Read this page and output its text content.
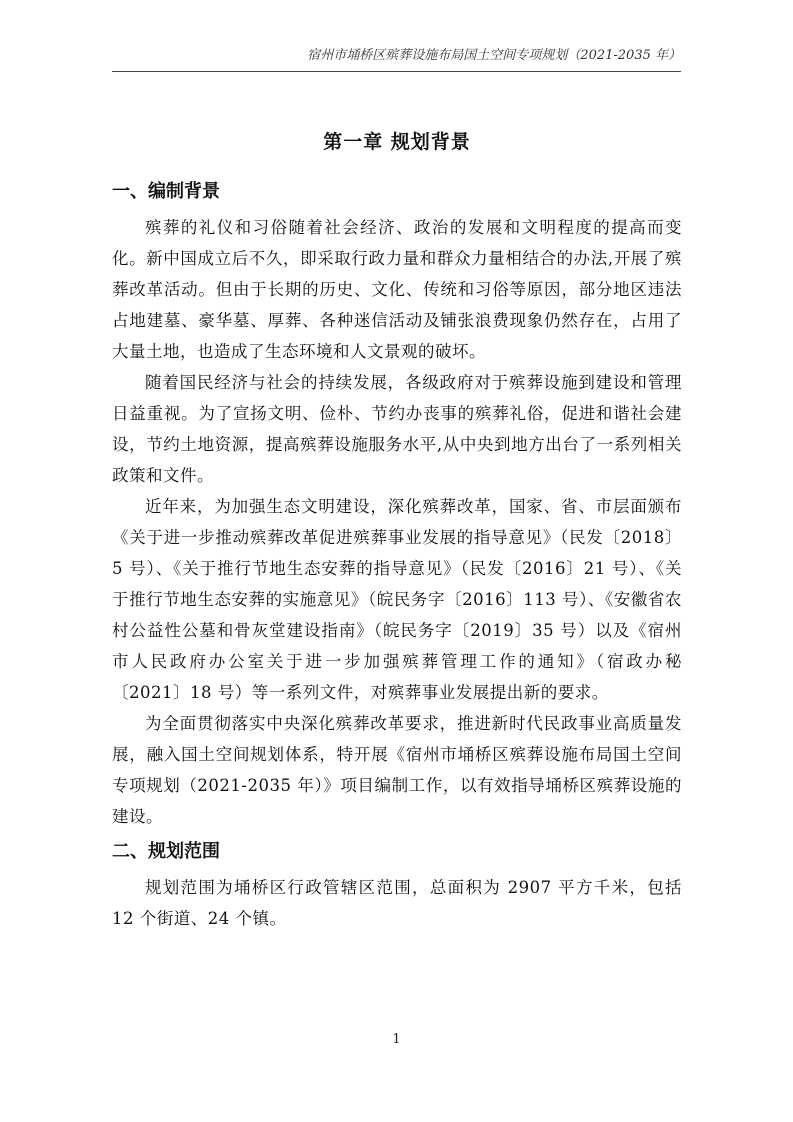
宿州市埇桥区殡葬设施布局国土空间专项规划（2021-2035 年）
第一章 规划背景
一、编制背景

殡葬的礼仪和习俗随着社会经济、政治的发展和文明程度的提高而变化。新中国成立后不久，即采取行政力量和群众力量相结合的办法,开展了殡葬改革活动。但由于长期的历史、文化、传统和习俗等原因，部分地区违法占地建墓、豪华墓、厚葬、各种迷信活动及铺张浪费现象仍然存在，占用了大量土地，也造成了生态环境和人文景观的破坏。

随着国民经济与社会的持续发展，各级政府对于殡葬设施到建设和管理日益重视。为了宣扬文明、俭朴、节约办丧事的殡葬礼俗，促进和谐社会建设，节约土地资源，提高殡葬设施服务水平,从中央到地方出台了一系列相关政策和文件。

近年来，为加强生态文明建设，深化殡葬改革，国家、省、市层面颁布《关于进一步推动殡葬改革促进殡葬事业发展的指导意见》（民发〔2018〕5 号）、《关于推行节地生态安葬的指导意见》（民发〔2016〕21 号）、《关于推行节地生态安葬的实施意见》（皖民务字〔2016〕113 号）、《安徽省农村公益性公墓和骨灰堂建设指南》（皖民务字〔2019〕35 号）以及《宿州市人民政府办公室关于进一步加强殡葬管理工作的通知》（宿政办秘〔2021〕18 号）等一系列文件，对殡葬事业发展提出新的要求。

为全面贯彻落实中央深化殡葬改革要求，推进新时代民政事业高质量发展，融入国土空间规划体系，特开展《宿州市埇桥区殡葬设施布局国土空间专项规划（2021-2035 年）》项目编制工作，以有效指导埇桥区殡葬设施的建设。

二、规划范围

规划范围为埇桥区行政管辖区范围，总面积为 2907 平方千米，包括 12 个街道、24 个镇。

1
